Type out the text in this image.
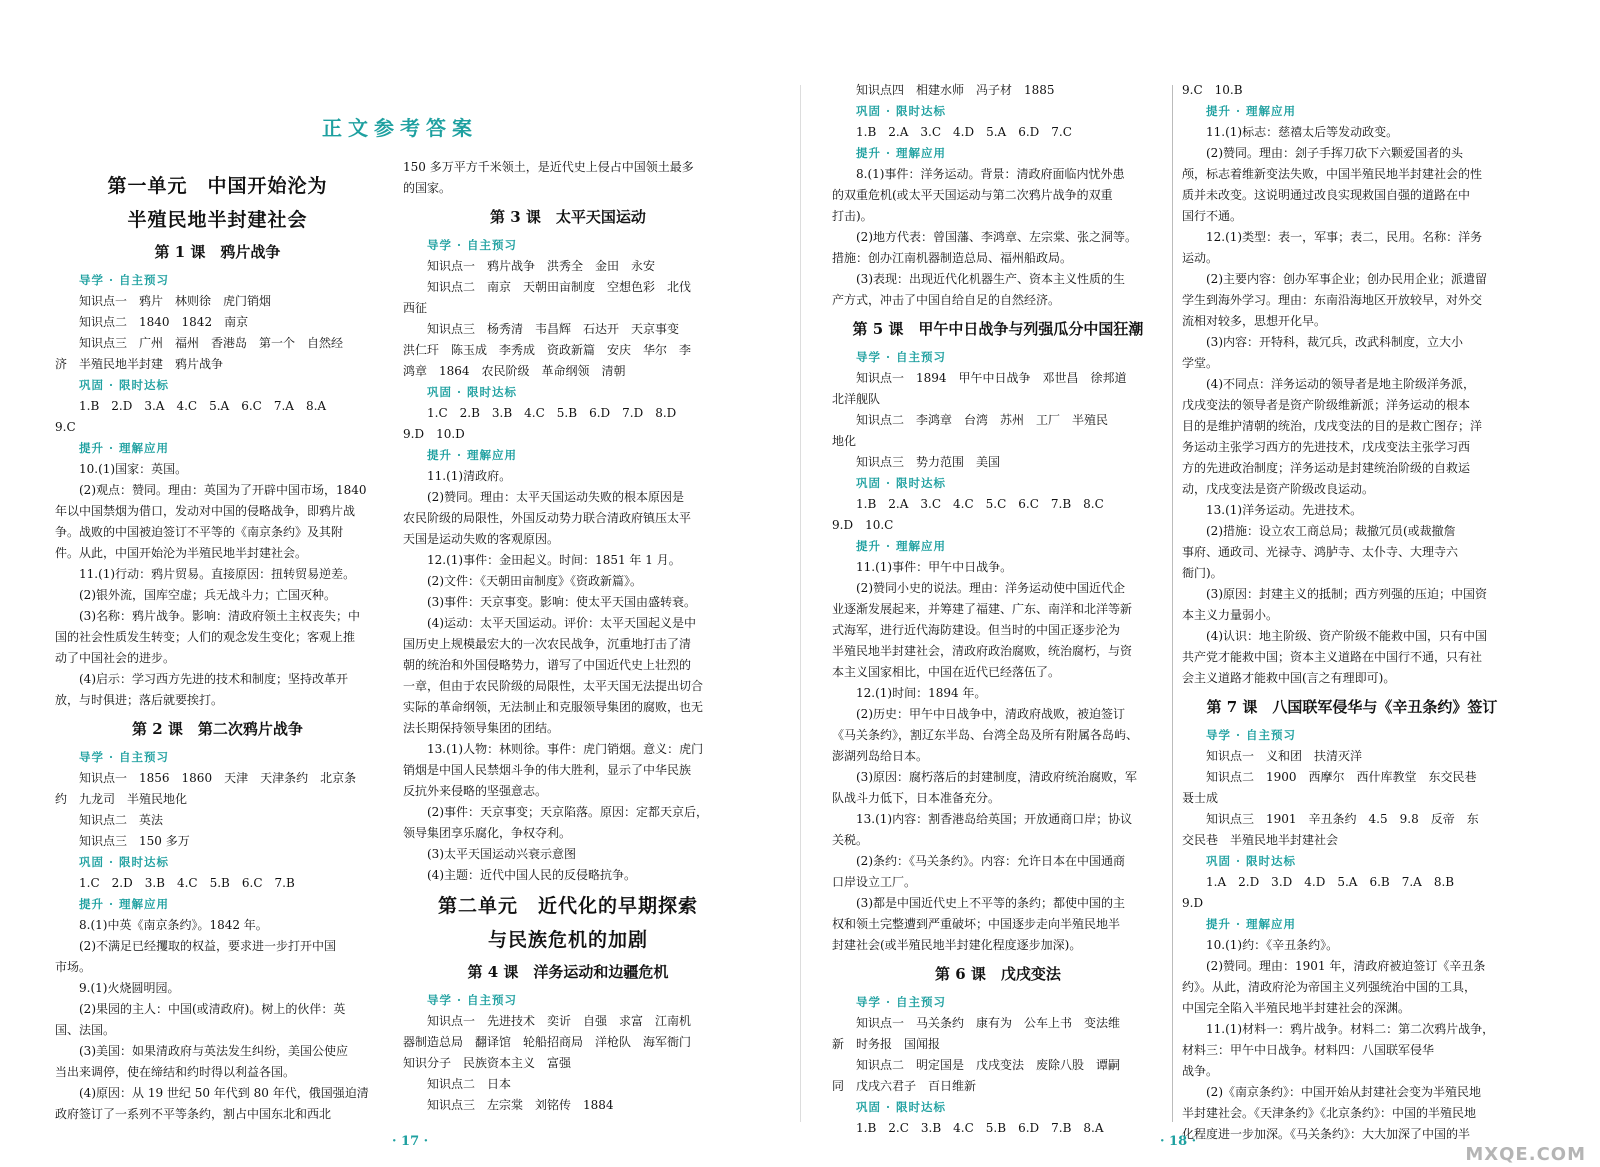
正文参考答案
第一单元　中国开始沦为
半殖民地半封建社会
第 1 课　鸦片战争
导学 · 自主预习
知识点一　鸦片　林则徐　虎门销烟
知识点二　1840　1842　南京
知识点三　广州　福州　香港岛　第一个　自然经
济　半殖民地半封建　鸦片战争
巩固 · 限时达标
1.B　2.D　3.A　4.C　5.A　6.C　7.A　8.A
9.C
提升 · 理解应用
10.(1)国家：英国。
(2)观点：赞同。理由：英国为了开辟中国市场，1840
年以中国禁烟为借口，发动对中国的侵略战争，即鸦片战
争。战败的中国被迫签订不平等的《南京条约》及其附
件。从此，中国开始沦为半殖民地半封建社会。
11.(1)行动：鸦片贸易。直接原因：扭转贸易逆差。
(2)银外流，国库空虚；兵无战斗力；亡国灭种。
(3)名称：鸦片战争。影响：清政府领土主权丧失；中
国的社会性质发生转变；人们的观念发生变化；客观上推
动了中国社会的进步。
(4)启示：学习西方先进的技术和制度；坚持改革开
放，与时俱进；落后就要挨打。
第 2 课　第二次鸦片战争
导学 · 自主预习
知识点一　1856　1860　天津　天津条约　北京条
约　九龙司　半殖民地化
知识点二　英法
知识点三　150 多万
巩固 · 限时达标
1.C　2.D　3.B　4.C　5.B　6.C　7.B
提升 · 理解应用
8.(1)中英《南京条约》。1842 年。
(2)不满足已经攫取的权益，要求进一步打开中国
市场。
9.(1)火烧圆明园。
(2)果园的主人：中国(或清政府)。树上的伙伴：英
国、法国。
(3)美国：如果清政府与英法发生纠纷，美国公使应
当出来调停，使在缔结和约时得以利益各国。
(4)原因：从 19 世纪 50 年代到 80 年代，俄国强迫清
政府签订了一系列不平等条约，割占中国东北和西北
150 多万平方千米领土，是近代史上侵占中国领土最多
的国家。
第 3 课　太平天国运动
导学 · 自主预习
知识点一　鸦片战争　洪秀全　金田　永安
知识点二　南京　天朝田亩制度　空想色彩　北伐
西征
知识点三　杨秀清　韦昌辉　石达开　天京事变
洪仁玕　陈玉成　李秀成　资政新篇　安庆　华尔　李
鸿章　1864　农民阶级　革命纲领　清朝
巩固 · 限时达标
1.C　2.B　3.B　4.C　5.B　6.D　7.D　8.D
9.D　10.D
提升 · 理解应用
11.(1)清政府。
(2)赞同。理由：太平天国运动失败的根本原因是
农民阶级的局限性，外国反动势力联合清政府镇压太平
天国是运动失败的客观原因。
12.(1)事件：金田起义。时间：1851 年 1 月。
(2)文件：《天朝田亩制度》《资政新篇》。
(3)事件：天京事变。影响：使太平天国由盛转衰。
(4)运动：太平天国运动。评价：太平天国起义是中
国历史上规模最宏大的一次农民战争，沉重地打击了清
朝的统治和外国侵略势力，谱写了中国近代史上壮烈的
一章，但由于农民阶级的局限性，太平天国无法提出切合
实际的革命纲领，无法制止和克服领导集团的腐败，也无
法长期保持领导集团的团结。
13.(1)人物：林则徐。事件：虎门销烟。意义：虎门
销烟是中国人民禁烟斗争的伟大胜利，显示了中华民族
反抗外来侵略的坚强意志。
(2)事件：天京事变；天京陷落。原因：定都天京后，
领导集团享乐腐化，争权夺利。
(3)太平天国运动兴衰示意图
(4)主题：近代中国人民的反侵略抗争。
第二单元　近代化的早期探索
与民族危机的加剧
第 4 课　洋务运动和边疆危机
导学 · 自主预习
知识点一　先进技术　奕䜣　自强　求富　江南机
器制造总局　翻译馆　轮船招商局　洋枪队　海军衙门
知识分子　民族资本主义　富强
知识点二　日本
知识点三　左宗棠　刘铭传　1884
知识点四　相建水师　冯子材　1885
巩固 · 限时达标
1.B　2.A　3.C　4.D　5.A　6.D　7.C
提升 · 理解应用
8.(1)事件：洋务运动。背景：清政府面临内忧外患
的双重危机(或太平天国运动与第二次鸦片战争的双重
打击)。
(2)地方代表：曾国藩、李鸿章、左宗棠、张之洞等。
措施：创办江南机器制造总局、福州船政局。
(3)表现：出现近代化机器生产、资本主义性质的生
产方式，冲击了中国自给自足的自然经济。
第 5 课　甲午中日战争与列强瓜分中国狂潮
导学 · 自主预习
知识点一　1894　甲午中日战争　邓世昌　徐邦道
北洋舰队
知识点二　李鸿章　台湾　苏州　工厂　半殖民
地化
知识点三　势力范围　美国
巩固 · 限时达标
1.B　2.A　3.C　4.C　5.C　6.C　7.B　8.C
9.D　10.C
提升 · 理解应用
11.(1)事件：甲午中日战争。
(2)赞同小史的说法。理由：洋务运动使中国近代企
业逐渐发展起来，并筹建了福建、广东、南洋和北洋等新
式海军，进行近代海防建设。但当时的中国正逐步沦为
半殖民地半封建社会，清政府政治腐败，统治腐朽，与资
本主义国家相比，中国在近代已经落伍了。
12.(1)时间：1894 年。
(2)历史：甲午中日战争中，清政府战败，被迫签订
《马关条约》，割辽东半岛、台湾全岛及所有附属各岛屿、
澎湖列岛给日本。
(3)原因：腐朽落后的封建制度，清政府统治腐败，军
队战斗力低下，日本准备充分。
13.(1)内容：割香港岛给英国；开放通商口岸；协议
关税。
(2)条约：《马关条约》。内容：允许日本在中国通商
口岸设立工厂。
(3)都是中国近代史上不平等的条约；都使中国的主
权和领土完整遭到严重破坏；中国逐步走向半殖民地半
封建社会(或半殖民地半封建化程度逐步加深)。
第 6 课　戊戌变法
导学 · 自主预习
知识点一　马关条约　康有为　公车上书　变法维
新　时务报　国闻报
知识点二　明定国是　戊戌变法　废除八股　谭嗣
同　戊戌六君子　百日维新
巩固 · 限时达标
1.B　2.C　3.B　4.C　5.B　6.D　7.B　8.A
9.C　10.B
提升 · 理解应用
11.(1)标志：慈禧太后等发动政变。
(2)赞同。理由：刽子手挥刀砍下六颗爱国者的头
颅，标志着维新变法失败，中国半殖民地半封建社会的性
质并未改变。这说明通过改良实现救国自强的道路在中
国行不通。
12.(1)类型：表一，军事；表二，民用。名称：洋务
运动。
(2)主要内容：创办军事企业；创办民用企业；派遣留
学生到海外学习。理由：东南沿海地区开放较早，对外交
流相对较多，思想开化早。
(3)内容：开特科，裁冗兵，改武科制度，立大小
学堂。
(4)不同点：洋务运动的领导者是地主阶级洋务派，
戊戌变法的领导者是资产阶级维新派；洋务运动的根本
目的是维护清朝的统治，戊戌变法的目的是救亡图存；洋
务运动主张学习西方的先进技术，戊戌变法主张学习西
方的先进政治制度；洋务运动是封建统治阶级的自救运
动，戊戌变法是资产阶级改良运动。
13.(1)洋务运动。先进技术。
(2)措施：设立农工商总局；裁撤冗员(或裁撤詹
事府、通政司、光禄寺、鸿胪寺、太仆寺、大理寺六
衙门)。
(3)原因：封建主义的抵制；西方列强的压迫；中国资
本主义力量弱小。
(4)认识：地主阶级、资产阶级不能救中国，只有中国
共产党才能救中国；资本主义道路在中国行不通，只有社
会主义道路才能救中国(言之有理即可)。
第 7 课　八国联军侵华与《辛丑条约》签订
导学 · 自主预习
知识点一　义和团　扶清灭洋
知识点二　1900　西摩尔　西什库教堂　东交民巷
聂士成
知识点三　1901　辛丑条约　4.5　9.8　反帝　东
交民巷　半殖民地半封建社会
巩固 · 限时达标
1.A　2.D　3.D　4.D　5.A　6.B　7.A　8.B
9.D
提升 · 理解应用
10.(1)约：《辛丑条约》。
(2)赞同。理由：1901 年，清政府被迫签订《辛丑条
约》。从此，清政府沦为帝国主义列强统治中国的工具，
中国完全陷入半殖民地半封建社会的深渊。
11.(1)材料一：鸦片战争。材料二：第二次鸦片战争，
材料三：甲午中日战争。材料四：八国联军侵华
战争。
(2)《南京条约》：中国开始从封建社会变为半殖民地
半封建社会。《天津条约》《北京条约》：中国的半殖民地
化程度进一步加深。《马关条约》：大大加深了中国的半
· 17 ·	· 18 ·
MXQE.COM
